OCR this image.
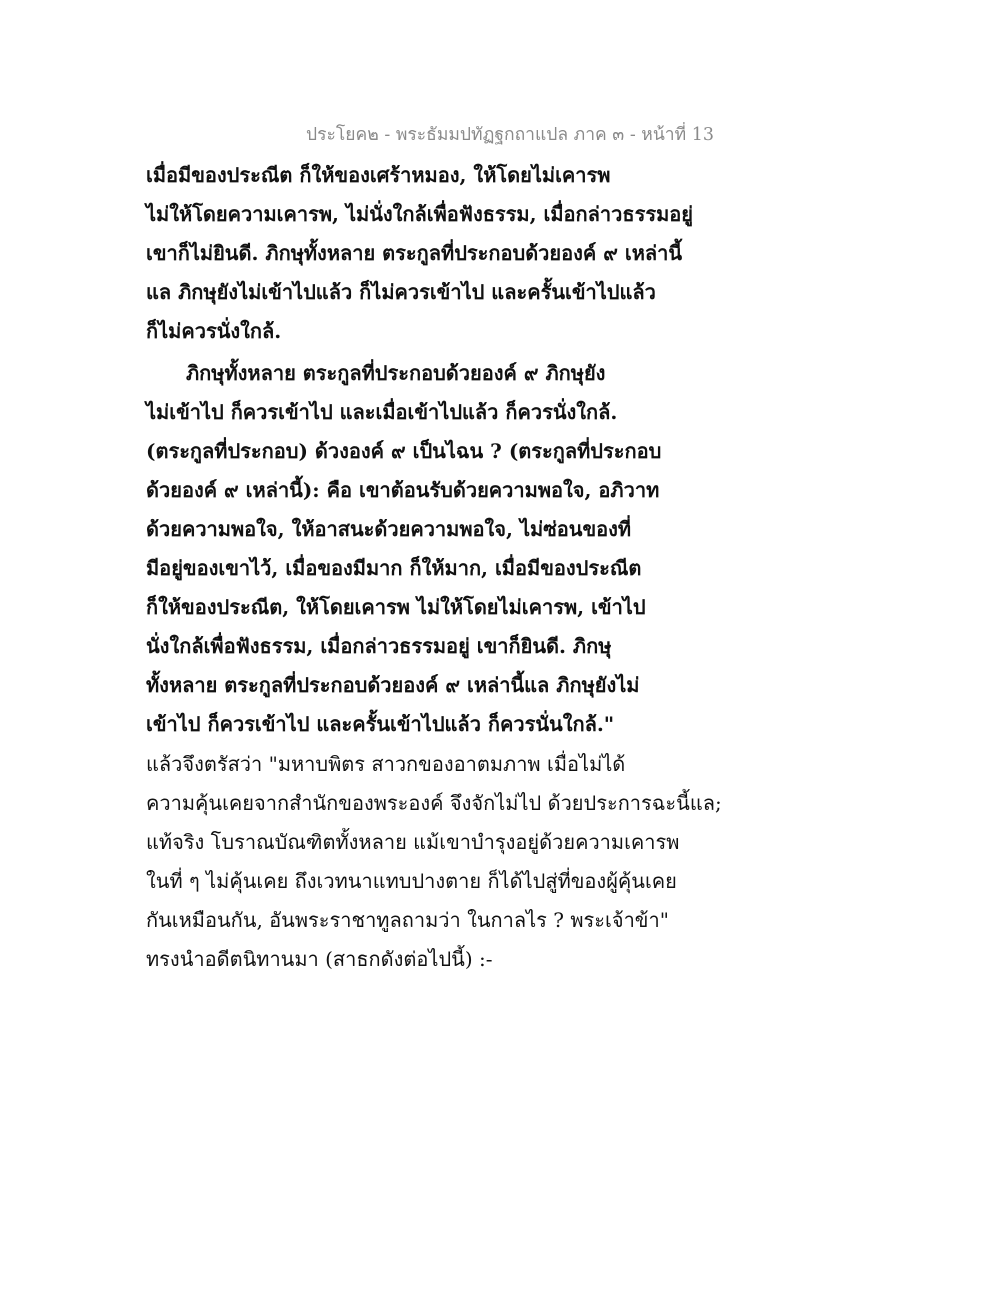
ประโยค๒ - พระธัมมปทัฏฐกถาแปล ภาค ๓ - หน้าที่ 13
เมื่อมีของประณีต ก็ให้ของเศร้าหมอง, ให้โดยไม่เคารพ
ไม่ให้โดยความเคารพ, ไม่นั่งใกล้เพื่อฟังธรรม, เมื่อกล่าวธรรมอยู่
เขาก็ไม่ยินดี. ภิกษุทั้งหลาย ตระกูลที่ประกอบด้วยองค์ ๙ เหล่านี้
แล ภิกษุยังไม่เข้าไปแล้ว ก็ไม่ควรเข้าไป และครั้นเข้าไปแล้ว
ก็ไม่ควรนั่งใกล้.
ภิกษุทั้งหลาย ตระกูลที่ประกอบด้วยองค์ ๙ ภิกษุยัง
ไม่เข้าไป ก็ควรเข้าไป และเมื่อเข้าไปแล้ว ก็ควรนั่งใกล้.
(ตระกูลที่ประกอบ) ด้วงองค์ ๙ เป็นไฉน ? (ตระกูลที่ประกอบ
ด้วยองค์ ๙ เหล่านี้): คือ เขาต้อนรับด้วยความพอใจ, อภิวาท
ด้วยความพอใจ, ให้อาสนะด้วยความพอใจ, ไม่ซ่อนของที่
มีอยู่ของเขาไว้, เมื่อของมีมาก ก็ให้มาก, เมื่อมีของประณีต
ก็ให้ของประณีต, ให้โดยเคารพ ไม่ให้โดยไม่เคารพ, เข้าไป
นั่งใกล้เพื่อฟังธรรม, เมื่อกล่าวธรรมอยู่ เขาก็ยินดี. ภิกษุ
ทั้งหลาย ตระกูลที่ประกอบด้วยองค์ ๙ เหล่านี้แล ภิกษุยังไม่
เข้าไป ก็ควรเข้าไป และครั้นเข้าไปแล้ว ก็ควรนั่นใกล้."
แล้วจึงตรัสว่า "มหาบพิตร สาวกของอาตมภาพ เมื่อไม่ได้
ความคุ้นเคยจากสำนักของพระองค์ จึงจักไม่ไป ด้วยประการฉะนี้แล;
แท้จริง โบราณบัณฑิตทั้งหลาย แม้เขาบำรุงอยู่ด้วยความเคารพ
ในที่ ๆ ไม่คุ้นเคย ถึงเวทนาแทบปางตาย ก็ได้ไปสู่ที่ของผู้คุ้นเคย
กันเหมือนกัน, อันพระราชาทูลถามว่า ในกาลไร ? พระเจ้าข้า"
ทรงนำอดีตนิทานมา (สาธกดังต่อไปนี้) :-
